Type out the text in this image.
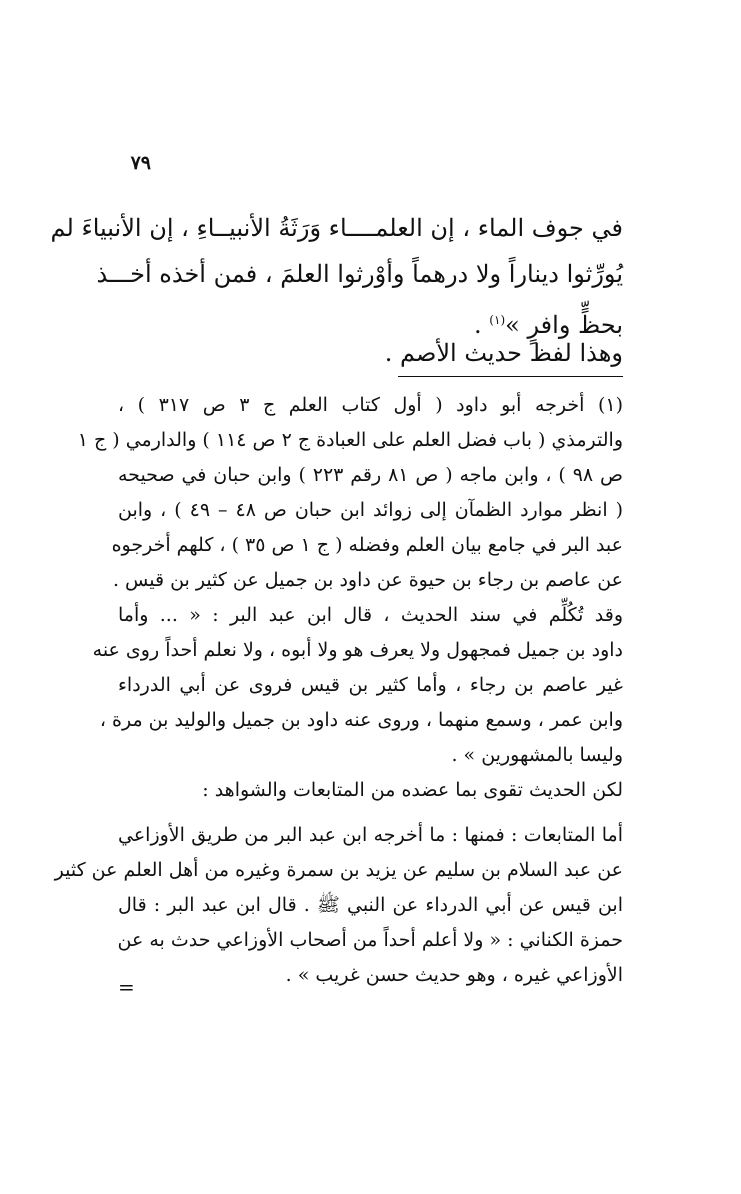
٧٩
في جوف الماء ، إن العلمــــاء وَرَثَةُ الأنبيــاءِ ، إن الأنبياءَ لم
يُورِّثوا ديناراً ولا درهماً وأوْرثوا العلمَ ، فمن أخذه أخـــذ
بحظٍّ وافرٍ »$^{(١)}$ .
وهذا لفظ حديث الأصم .
(١) أخرجه أبو داود ( أول كتاب العلم ج ٣ ص ٣١٧ ) ،
والترمذي ( باب فضل العلم على العبادة ج ٢ ص ١١٤ ) والدارمي ( ج ١
ص ٩٨ ) ، وابن ماجه ( ص ٨١ رقم ٢٢٣ ) وابن حبان في صحيحه
( انظر موارد الظمآن إلى زوائد ابن حبان ص ٤٨ – ٤٩ ) ، وابن
عبد البر في جامع بيان العلم وفضله ( ج ١ ص ٣٥ ) ، كلهم أخرجوه
عن عاصم بن رجاء بن حيوة عن داود بن جميل عن كثير بن قيس .
وقد تُكُلِّم في سند الحديث ، قال ابن عبد البر : « ... وأما
داود بن جميل فمجهول ولا يعرف هو ولا أبوه ، ولا نعلم أحداً روى عنه
غير عاصم بن رجاء ، وأما كثير بن قيس فروى عن أبي الدرداء
وابن عمر ، وسمع منهما ، وروى عنه داود بن جميل والوليد بن مرة ،
وليسا بالمشهورين » .
لكن الحديث تقوى بما عضده من المتابعات والشواهد :
أما المتابعات : فمنها : ما أخرجه ابن عبد البر من طريق الأوزاعي
عن عبد السلام بن سليم عن يزيد بن سمرة وغيره من أهل العلم عن كثير
ابن قيس عن أبي الدرداء عن النبي ﷺ . قال ابن عبد البر : قال
حمزة الكناني : « ولا أعلم أحداً من أصحاب الأوزاعي حدث به عن
الأوزاعي غيره ، وهو حديث حسن غريب » .
=
